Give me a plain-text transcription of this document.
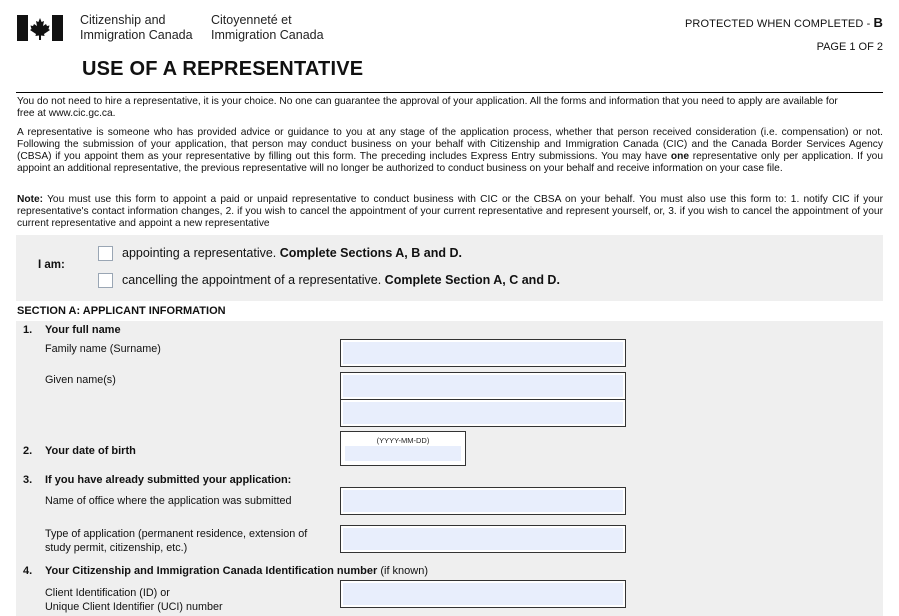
Citizenship and
Immigration Canada
Citoyenneté et
Immigration Canada
PROTECTED WHEN COMPLETED - B
PAGE 1 OF 2
USE OF A REPRESENTATIVE
You do not need to hire a representative, it is your choice. No one can guarantee the approval of your application. All the forms and information that you need to apply are available for
free at www.cic.gc.ca.
A representative is someone who has provided advice or guidance to you at any stage of the application process, whether that person received consideration (i.e. compensation) or not. Following the submission of your application, that person may conduct business on your behalf with Citizenship and Immigration Canada (CIC) and the Canada Border Services Agency (CBSA) if you appoint them as your representative by filling out this form. The preceding includes Express Entry submissions. You may have one representative only per application. If you appoint an additional representative, the previous representative will no longer be authorized to conduct business on your behalf and receive information on your case file.
Note: You must use this form to appoint a paid or unpaid representative to conduct business with CIC or the CBSA on your behalf. You must also use this form to: 1. notify CIC if your representative's contact information changes, 2. if you wish to cancel the appointment of your current representative and represent yourself, or, 3. if you wish to cancel the appointment of your current representative and appoint a new representative
I am:
appointing a representative. Complete Sections A, B and D.
cancelling the appointment of a representative. Complete Section A, C and D.
SECTION A: APPLICANT INFORMATION
1. Your full name
Family name (Surname)
Given name(s)
2. Your date of birth
(YYYY-MM-DD)
3. If you have already submitted your application:
Name of office where the application was submitted
Type of application (permanent residence, extension of
study permit, citizenship, etc.)
4. Your Citizenship and Immigration Canada Identification number (if known)
Client Identification (ID) or
Unique Client Identifier (UCI) number
